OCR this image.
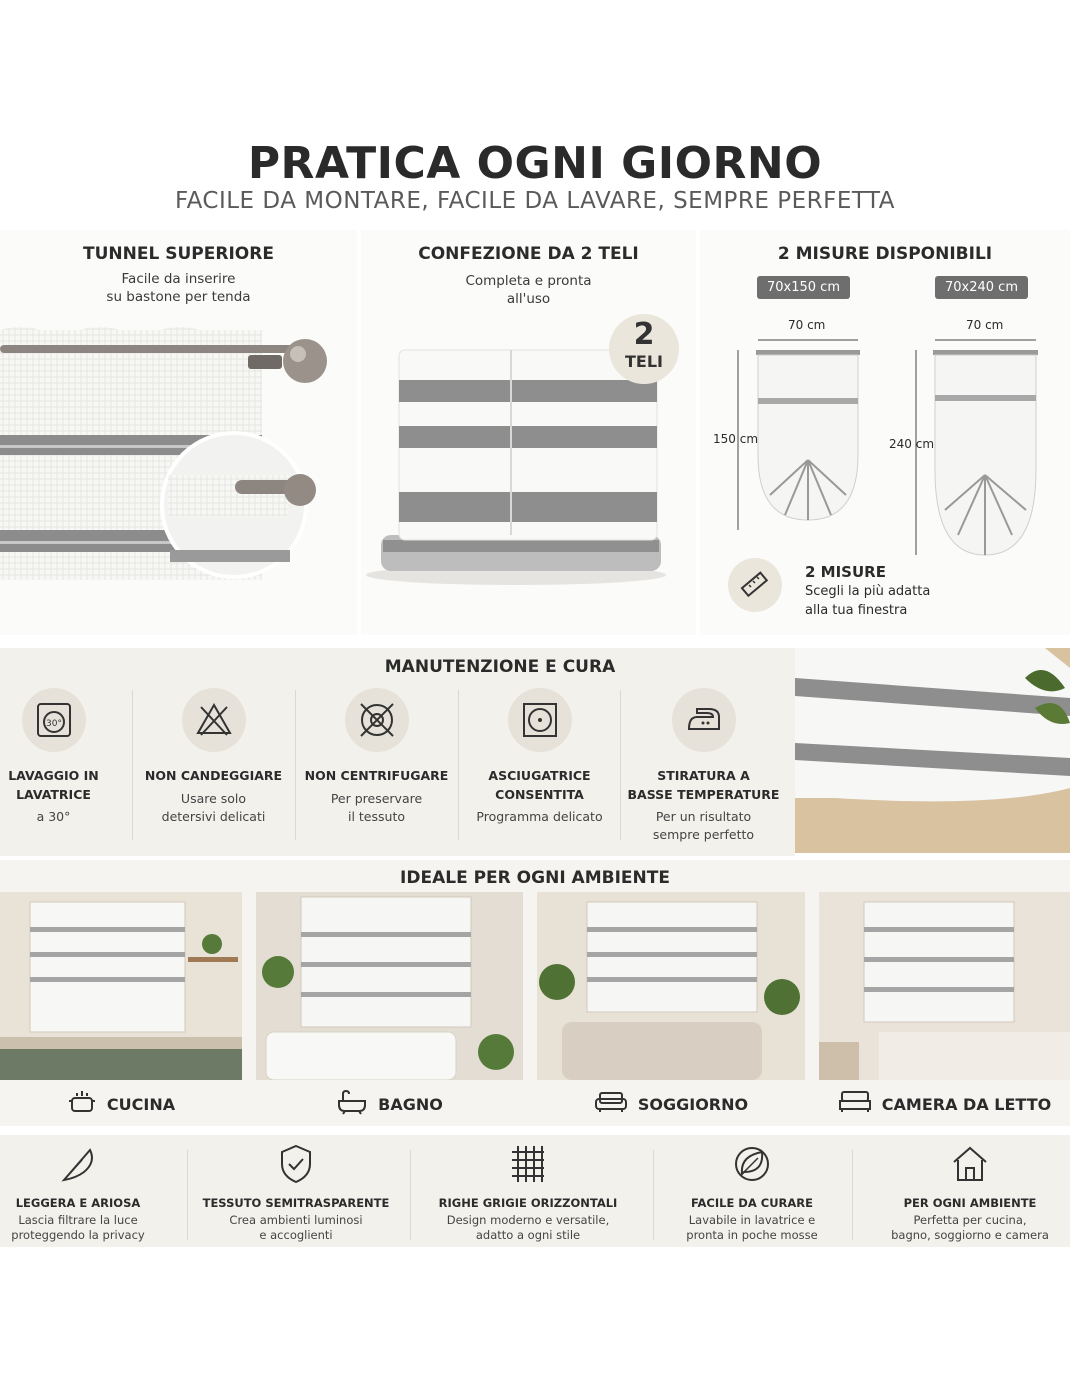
PRATICA OGNI GIORNO
FACILE DA MONTARE, FACILE DA LAVARE, SEMPRE PERFETTA
TUNNEL SUPERIORE
Facile da inserire
su bastone per tenda
CONFEZIONE DA 2 TELI
Completa e pronta
all'uso
2
TELI
2 MISURE DISPONIBILI
70x150 cm	70x240 cm
70 cm	70 cm
150 cm	240 cm
2 MISURE
Scegli la più adatta
alla tua finestra
MANUTENZIONE E CURA
30°
LAVAGGIO IN
LAVATRICE
a 30°
NON CANDEGGIARE
Usare solo
detersivi delicati
NON CENTRIFUGARE
Per preservare
il tessuto
ASCIUGATRICE
CONSENTITA
Programma delicato
STIRATURA A
BASSE TEMPERATURE
Per un risultato
sempre perfetto
IDEALE PER OGNI AMBIENTE
CUCINA	BAGNO	SOGGIORNO	CAMERA DA LETTO
LEGGERA E ARIOSA
Lascia filtrare la luce
proteggendo la privacy
TESSUTO SEMITRASPARENTE
Crea ambienti luminosi
e accoglienti
RIGHE GRIGIE ORIZZONTALI
Design moderno e versatile,
adatto a ogni stile
FACILE DA CURARE
Lavabile in lavatrice e
pronta in poche mosse
PER OGNI AMBIENTE
Perfetta per cucina,
bagno, soggiorno e camera
